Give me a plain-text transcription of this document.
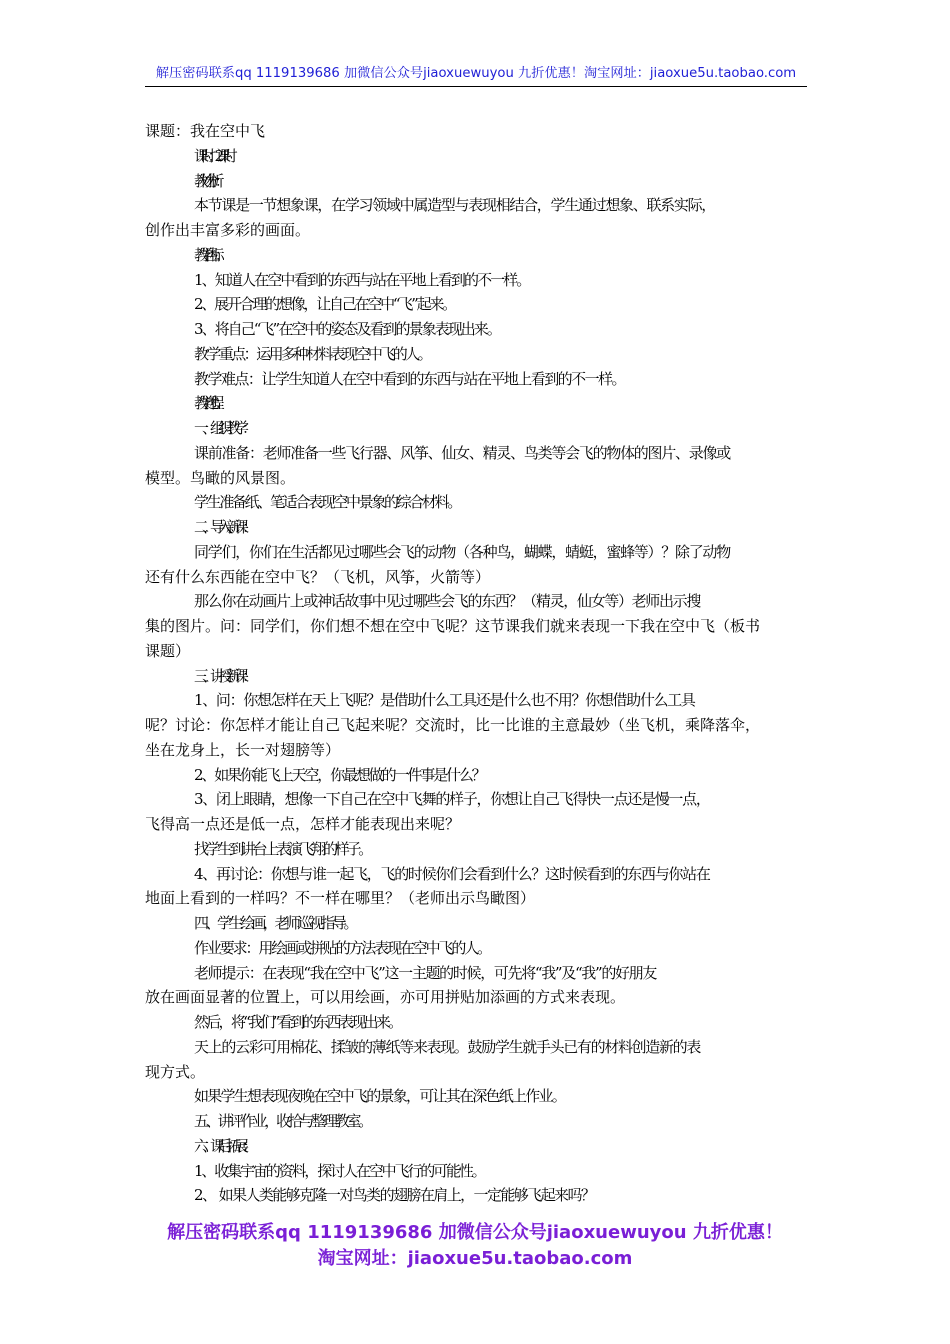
解压密码联系qq 1119139686 加微信公众号jiaoxuewuyou 九折优惠！淘宝网址：jiaoxue5u.taobao.com

课题：我在空中飞

课时：2课时

教材分析：

本节课是一节想象课，在学习领域中属造型与表现相结合，学生通过想象、联系实际，

创作出丰富多彩的画面。

教学目标：

1、知道人在空中看到的东西与站在平地上看到的不一样。

2、展开合理的想像，让自己在空中“飞”起来。

3、将自己“飞”在空中的姿态及看到的景象表现出来。

教学重点：运用多种材料表现空中飞的人。

教学难点：让学生知道人在空中看到的东西与站在平地上看到的不一样。

教学过程：

一、组织教学：

课前准备：老师准备一些飞行器、风筝、仙女、精灵、鸟类等会飞的物体的图片、录像或

模型。鸟瞰的风景图。

学生准备纸、笔适合表现空中景象的综合材料。

二、导入新课：

同学们，你们在生活都见过哪些会飞的动物（各种鸟，蝴蝶，蜻蜓，蜜蜂等）？除了动物

还有什么东西能在空中飞？（飞机，风筝，火箭等）

那么你在动画片上或神话故事中见过哪些会飞的东西？（精灵，仙女等）老师出示搜

集的图片。问：同学们，你们想不想在空中飞呢？这节课我们就来表现一下我在空中飞（板书

课题）

三、讲授新课：

1、问：你想怎样在天上飞呢？是借助什么工具还是什么也不用？你想借助什么工具

呢？讨论：你怎样才能让自己飞起来呢？交流时，比一比谁的主意最妙（坐飞机，乘降落伞，

坐在龙身上，长一对翅膀等）

2、如果你能飞上天空，你最想做的一件事是什么？

3、闭上眼睛，想像一下自己在空中飞舞的样子，你想让自己飞得快一点还是慢一点，

飞得高一点还是低一点，怎样才能表现出来呢？

找学生到讲台上表演飞翔的样子。

4、再讨论：你想与谁一起飞，飞的时候你们会看到什么？这时候看到的东西与你站在

地面上看到的一样吗？不一样在哪里？（老师出示鸟瞰图）

四、学生绘画，老师巡视指导。

作业要求：用绘画或拼贴的方法表现在空中飞的人。

老师提示：在表现“我在空中飞”这一主题的时候，可先将“我”及“我”的好朋友

放在画面显著的位置上，可以用绘画，亦可用拼贴加添画的方式来表现。

然后，将“我们”看到的东西表现出来。

天上的云彩可用棉花、揉皱的薄纸等来表现。鼓励学生就手头已有的材料创造新的表

现方式。

如果学生想表现夜晚在空中飞的景象，可让其在深色纸上作业。

五、讲评作业，收拾与整理教室。

六、课后拓展：

1、收集宇宙的资料，探讨人在空中飞行的可能性。

2、 如果人类能够克隆一对鸟类的翅膀在肩上，一定能够飞起来吗？

解压密码联系qq 1119139686 加微信公众号jiaoxuewuyou 九折优惠！
淘宝网址：jiaoxue5u.taobao.com
